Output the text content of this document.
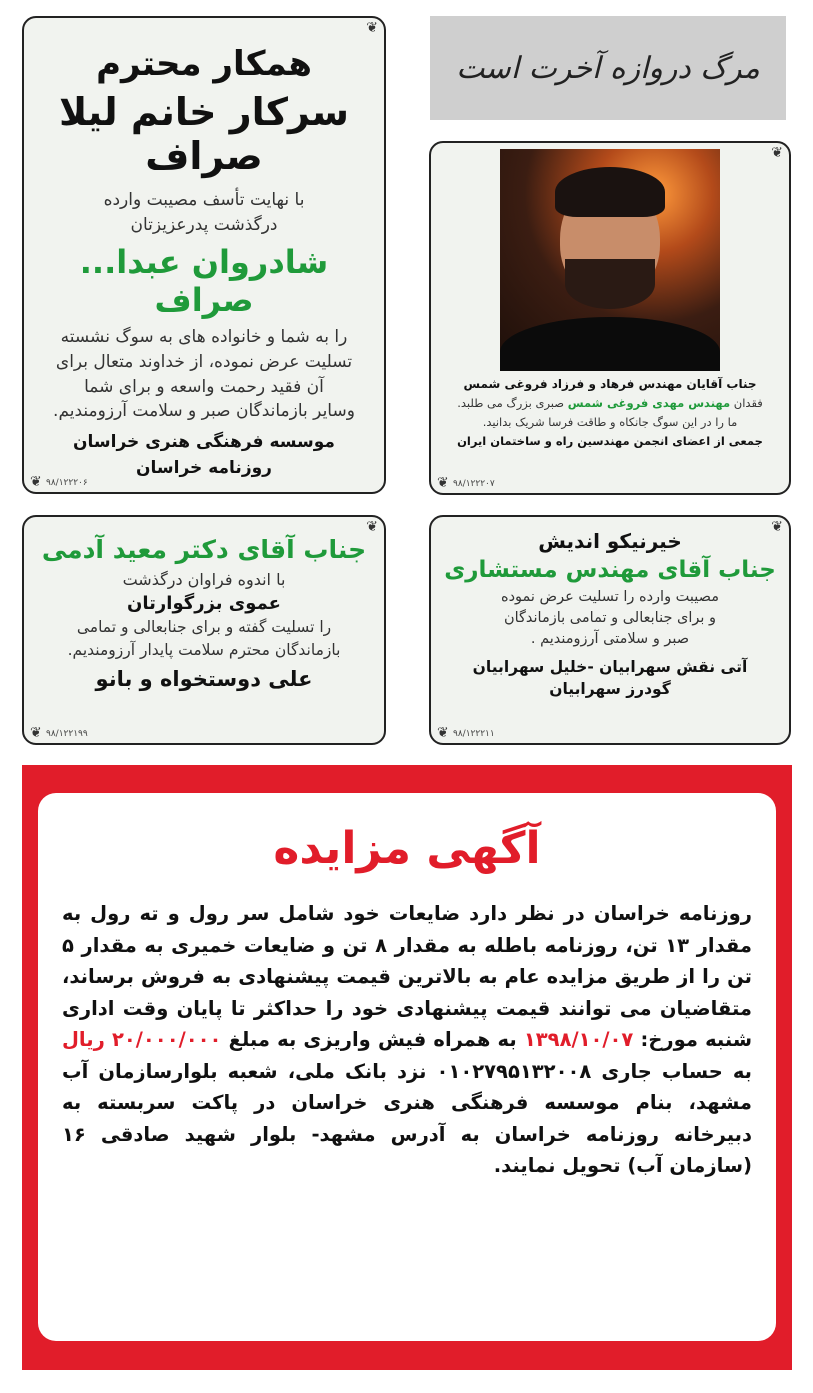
مرگ دروازه آخرت است
❦
همکار محترم
سرکار خانم لیلا صراف
با نهایت تأسف مصیبت وارده
درگذشت پدرعزیزتان
شادروان عبدا... صراف
را به شما و خانواده های به سوگ نشسته
تسلیت عرض نموده، از خداوند متعال برای
آن فقید رحمت واسعه و برای شما
وسایر بازماندگان صبر و سلامت آرزومندیم.
موسسه فرهنگی هنری خراسان
روزنامه خراسان
❦ ۹۸/۱۲۲۲۰۶
❦
جناب آقایان مهندس فرهاد و فرزاد فروغی شمس
فقدان مهندس مهدی فروغی شمس صبری بزرگ می طلبد.
ما را در این سوگ جانکاه و طاقت فرسا شریک بدانید.
جمعی از اعضای انجمن مهندسین راه و ساختمان ایران
❦ ۹۸/۱۲۲۲۰۷
❦
جناب آقای دکتر معید آدمی
با اندوه فراوان درگذشت
عموی بزرگوارتان
را تسلیت گفته و برای جنابعالی و تمامی
بازماندگان محترم سلامت پایدار آرزومندیم.
علی دوستخواه و بانو
❦ ۹۸/۱۲۲۱۹۹
❦
خیرنیکو اندیش
جناب آقای مهندس مستشاری
مصیبت وارده را تسلیت عرض نموده
و برای جنابعالی و تمامی بازماندگان
صبر و سلامتی آرزومندیم .
آتی نقش سهرابیان -خلیل سهرابیان
گودرز سهرابیان
❦ ۹۸/۱۲۲۲۱۱
آگهی مزایده
روزنامه خراسان در نظر دارد ضایعات خود شامل سر رول و ته رول به مقدار ۱۳ تن، روزنامه باطله به مقدار ۸ تن و ضایعات خمیری به مقدار ۵ تن را از طریق مزایده عام به بالاترین قیمت پیشنهادی به فروش برساند، متقاضیان می توانند قیمت پیشنهادی خود را حداکثر تا پایان وقت اداری شنبه مورخ: ۱۳۹۸/۱۰/۰۷ به همراه فیش واریزی به مبلغ ۲۰/۰۰۰/۰۰۰ ریال به حساب جاری ۰۱۰۲۷۹۵۱۳۲۰۰۸ نزد بانک ملی، شعبه بلوارسازمان آب مشهد، بنام موسسه فرهنگی هنری خراسان در پاکت سربسته به دبیرخانه روزنامه خراسان به آدرس مشهد- بلوار شهید صادقی ۱۶ (سازمان آب) تحویل نمایند.
